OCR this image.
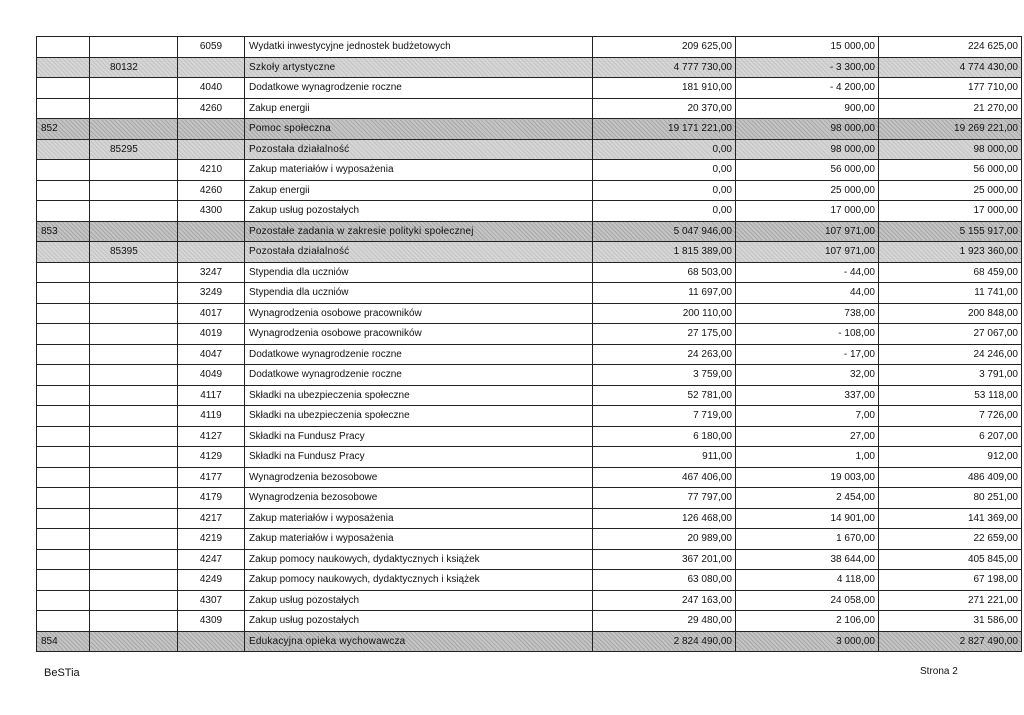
		6059	Wydatki inwestycyjne jednostek budżetowych	209 625,00	15 000,00	224 625,00
	80132		Szkoły artystyczne	4 777 730,00	- 3 300,00	4 774 430,00
		4040	Dodatkowe wynagrodzenie roczne	181 910,00	- 4 200,00	177 710,00
		4260	Zakup energii	20 370,00	900,00	21 270,00
852			Pomoc społeczna	19 171 221,00	98 000,00	19 269 221,00
	85295		Pozostała działalność	0,00	98 000,00	98 000,00
		4210	Zakup materiałów i wyposażenia	0,00	56 000,00	56 000,00
		4260	Zakup energii	0,00	25 000,00	25 000,00
		4300	Zakup usług pozostałych	0,00	17 000,00	17 000,00
853			Pozostałe zadania w zakresie polityki społecznej	5 047 946,00	107 971,00	5 155 917,00
	85395		Pozostała działalność	1 815 389,00	107 971,00	1 923 360,00
		3247	Stypendia dla uczniów	68 503,00	- 44,00	68 459,00
		3249	Stypendia dla uczniów	11 697,00	44,00	11 741,00
		4017	Wynagrodzenia osobowe pracowników	200 110,00	738,00	200 848,00
		4019	Wynagrodzenia osobowe pracowników	27 175,00	- 108,00	27 067,00
		4047	Dodatkowe wynagrodzenie roczne	24 263,00	- 17,00	24 246,00
		4049	Dodatkowe wynagrodzenie roczne	3 759,00	32,00	3 791,00
		4117	Składki na ubezpieczenia społeczne	52 781,00	337,00	53 118,00
		4119	Składki na ubezpieczenia społeczne	7 719,00	7,00	7 726,00
		4127	Składki na Fundusz Pracy	6 180,00	27,00	6 207,00
		4129	Składki na Fundusz Pracy	911,00	1,00	912,00
		4177	Wynagrodzenia bezosobowe	467 406,00	19 003,00	486 409,00
		4179	Wynagrodzenia bezosobowe	77 797,00	2 454,00	80 251,00
		4217	Zakup materiałów i wyposażenia	126 468,00	14 901,00	141 369,00
		4219	Zakup materiałów i wyposażenia	20 989,00	1 670,00	22 659,00
		4247	Zakup pomocy naukowych, dydaktycznych i książek	367 201,00	38 644,00	405 845,00
		4249	Zakup pomocy naukowych, dydaktycznych i książek	63 080,00	4 118,00	67 198,00
		4307	Zakup usług pozostałych	247 163,00	24 058,00	271 221,00
		4309	Zakup usług pozostałych	29 480,00	2 106,00	31 586,00
854			Edukacyjna opieka wychowawcza	2 824 490,00	3 000,00	2 827 490,00
BeSTia	Strona 2
